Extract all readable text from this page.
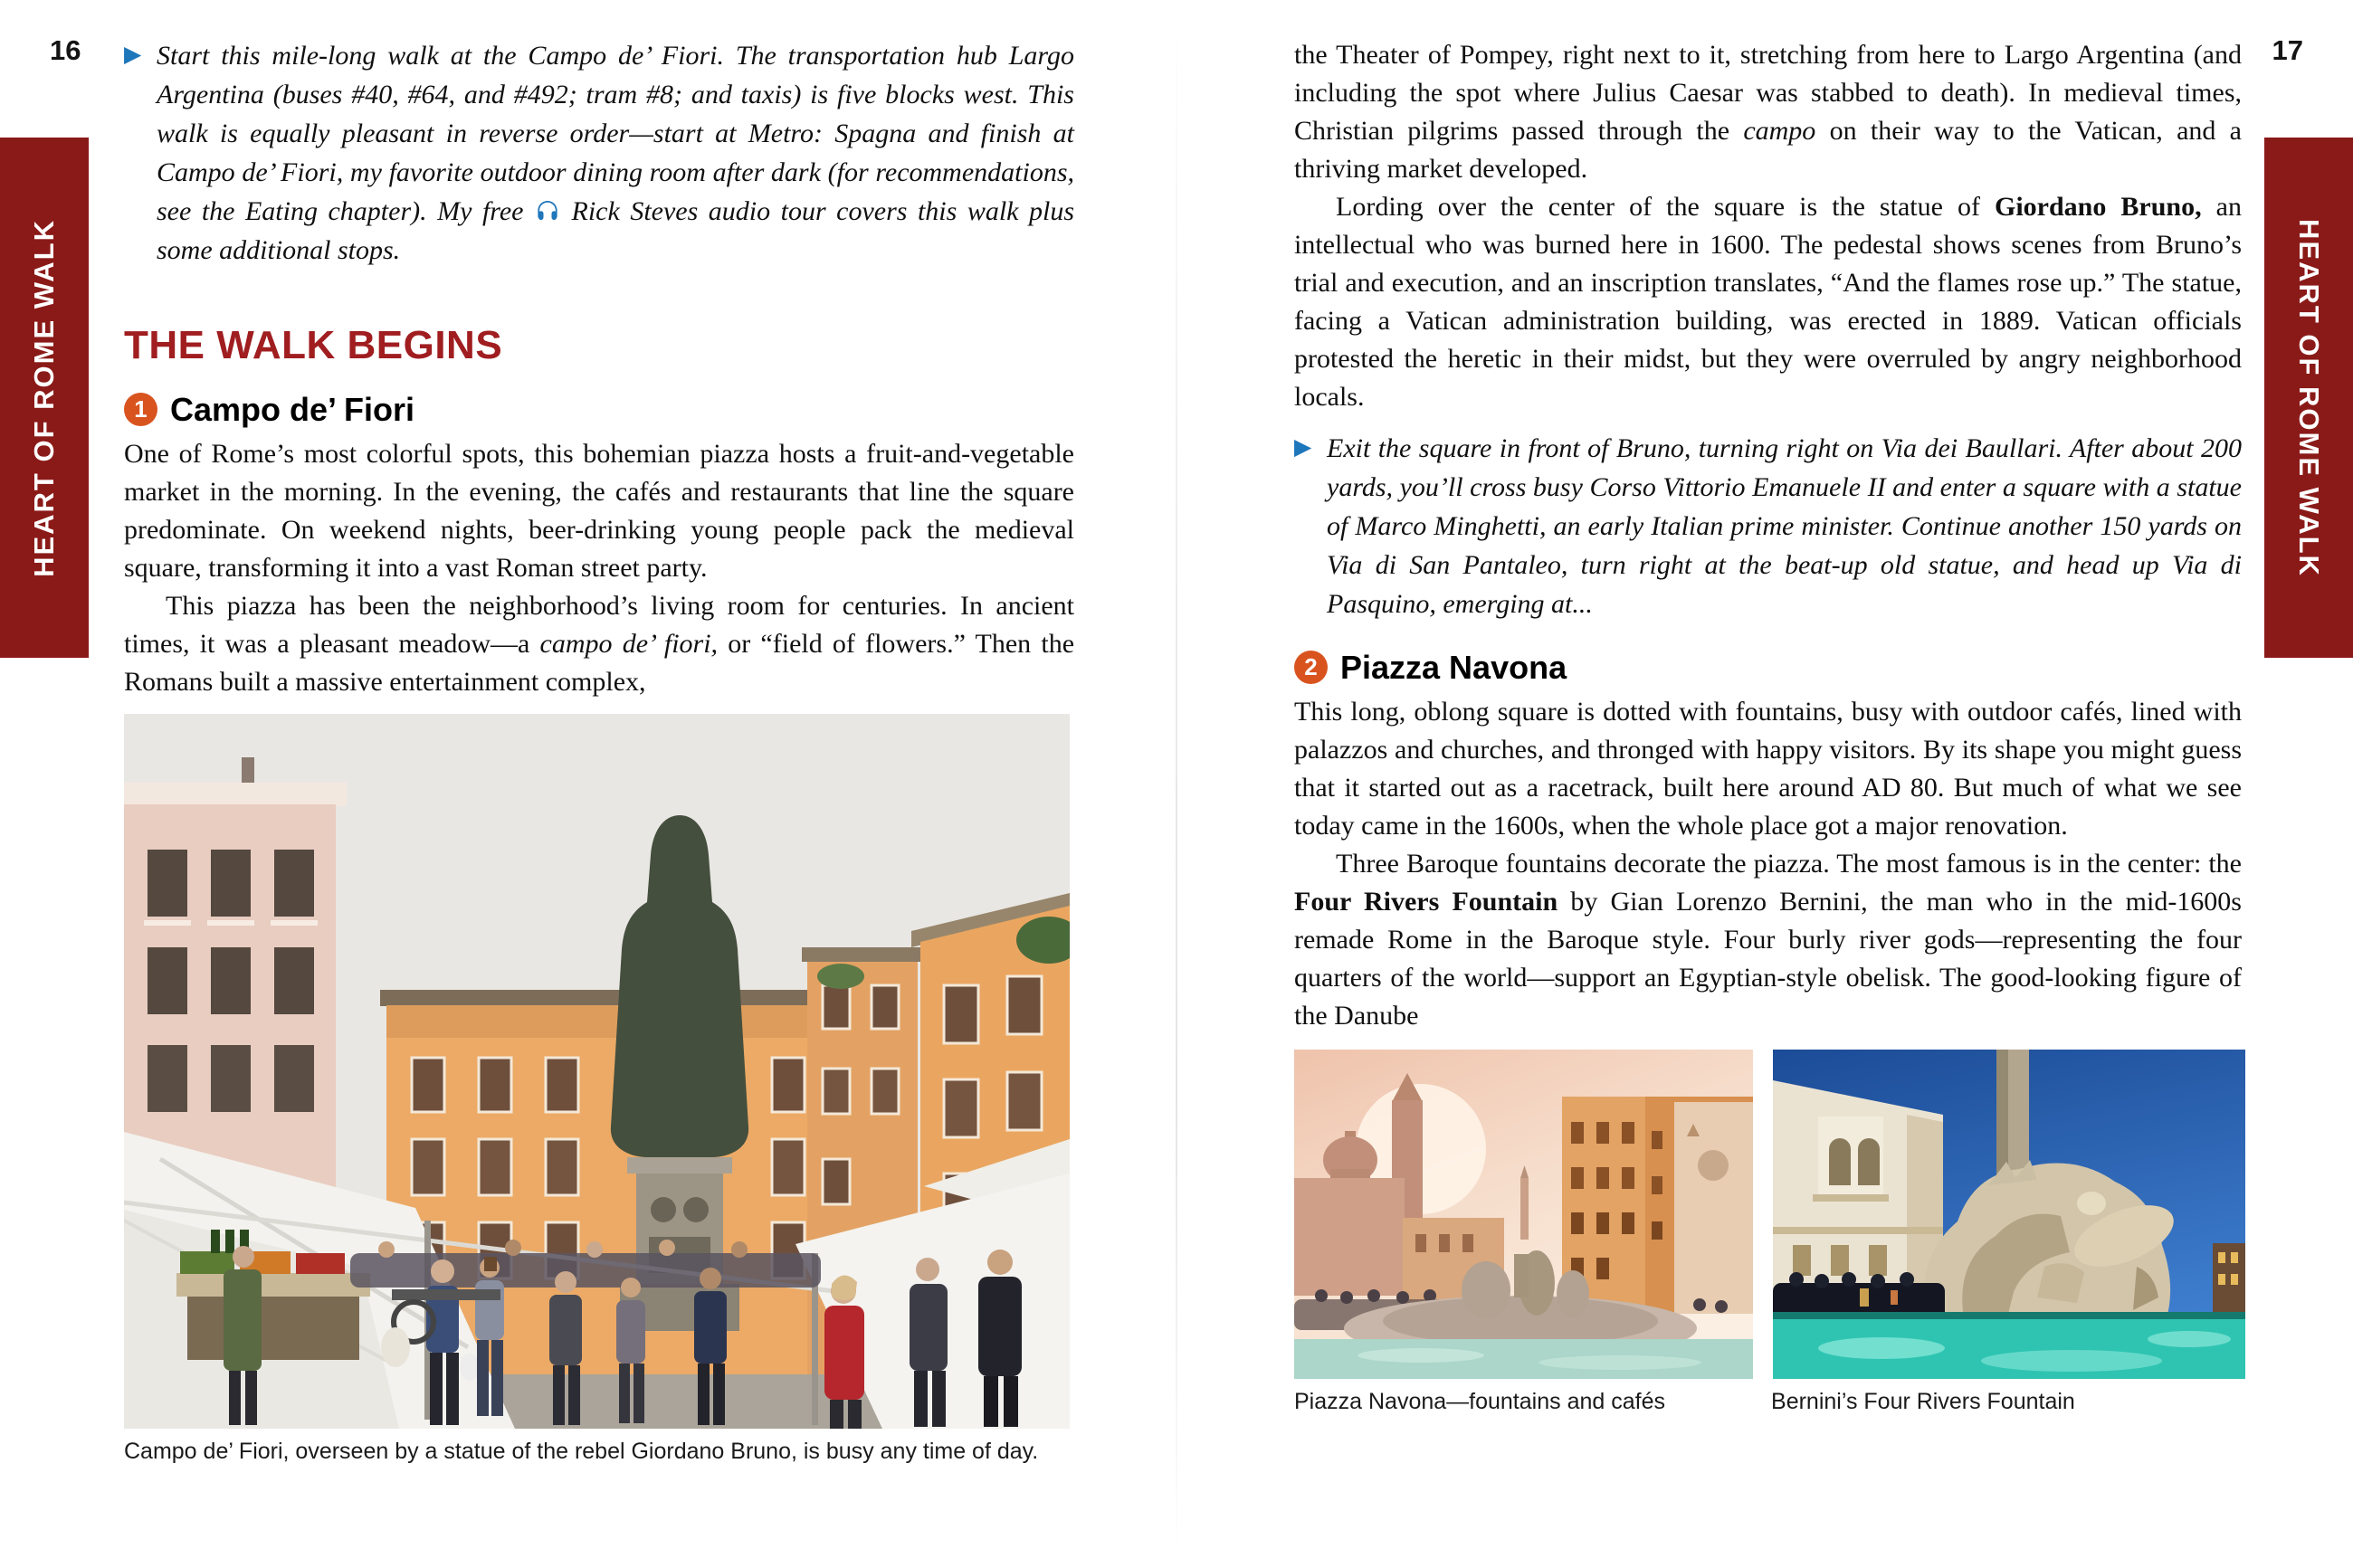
16
HEART OF ROME WALK

▶ Start this mile-long walk at the Campo de’ Fiori. The transportation hub Largo Argentina (buses #40, #64, and #492; tram #8; and taxis) is five blocks west. This walk is equally pleasant in reverse order—start at Metro: Spagna and finish at Campo de’ Fiori, my favorite outdoor dining room after dark (for recommendations, see the Eating chapter). My free
Rick Steves audio tour covers this walk plus some additional stops.

THE WALK BEGINS
1 Campo de’ Fiori

One of Rome’s most colorful spots, this bohemian piazza hosts a fruit-and-vegetable market in the morning. In the evening, the cafés and restaurants that line the square predominate. On weekend nights, beer-drinking young people pack the medieval square, transforming it into a vast Roman street party.

This piazza has been the neighborhood’s living room for centuries. In ancient times, it was a pleasant meadow—a campo de’ fiori, or “field of flowers.” Then the Romans built a massive entertainment complex,

Campo de’ Fiori, overseen by a statue of the rebel Giordano Bruno, is busy any time of day.
17
HEART OF ROME WALK

the Theater of Pompey, right next to it, stretching from here to Largo Argentina (and including the spot where Julius Caesar was stabbed to death). In medieval times, Christian pilgrims passed through the campo on their way to the Vatican, and a thriving market developed.

Lording over the center of the square is the statue of Giordano Bruno, an intellectual who was burned here in 1600. The pedestal shows scenes from Bruno’s trial and execution, and an inscription translates, “And the flames rose up.” The statue, facing a Vatican administration building, was erected in 1889. Vatican officials protested the heretic in their midst, but they were overruled by angry neighborhood locals.

▶ Exit the square in front of Bruno, turning right on Via dei Baullari. After about 200 yards, you’ll cross busy Corso Vittorio Emanuele II and enter a square with a statue of Marco Minghetti, an early Italian prime minister. Continue another 150 yards on Via di San Pantaleo, turn right at the beat-up old statue, and head up Via di Pasquino, emerging at...

2 Piazza Navona

This long, oblong square is dotted with fountains, busy with outdoor cafés, lined with palazzos and churches, and thronged with happy visitors. By its shape you might guess that it started out as a racetrack, built here around AD 80. But much of what we see today came in the 1600s, when the whole place got a major renovation.

Three Baroque fountains decorate the piazza. The most famous is in the center: the Four Rivers Fountain by Gian Lorenzo Bernini, the man who in the mid-1600s remade Rome in the Baroque style. Four burly river gods—representing the four quarters of the world—support an Egyptian-style obelisk. The good-looking figure of the Danube

Piazza Navona—fountains and cafés	Bernini’s Four Rivers Fountain
